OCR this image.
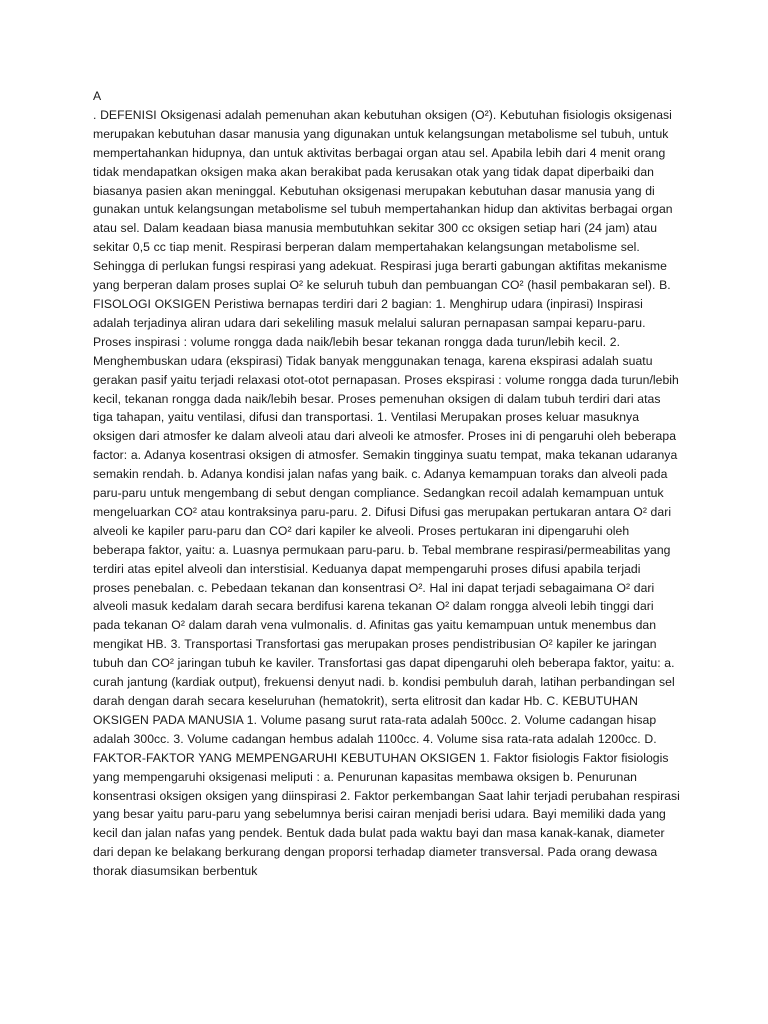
A
. DEFENISI Oksigenasi adalah pemenuhan akan kebutuhan oksigen (O²). Kebutuhan fisiologis oksigenasi merupakan kebutuhan dasar manusia yang digunakan untuk kelangsungan metabolisme sel tubuh, untuk mempertahankan hidupnya, dan untuk aktivitas berbagai organ atau sel. Apabila lebih dari 4 menit orang tidak mendapatkan oksigen maka akan berakibat pada kerusakan otak yang tidak dapat diperbaiki dan biasanya pasien akan meninggal. Kebutuhan oksigenasi merupakan kebutuhan dasar manusia yang di gunakan untuk kelangsungan metabolisme sel tubuh mempertahankan hidup dan aktivitas berbagai organ atau sel. Dalam keadaan biasa manusia membutuhkan sekitar 300 cc oksigen setiap hari (24 jam) atau sekitar 0,5 cc tiap menit. Respirasi berperan dalam mempertahakan kelangsungan metabolisme sel. Sehingga di perlukan fungsi respirasi yang adekuat. Respirasi juga berarti gabungan aktifitas mekanisme yang berperan dalam proses suplai O² ke seluruh tubuh dan pembuangan CO² (hasil pembakaran sel). B. FISOLOGI OKSIGEN Peristiwa bernapas terdiri dari 2 bagian: 1. Menghirup udara (inpirasi) Inspirasi adalah terjadinya aliran udara dari sekeliling masuk melalui saluran pernapasan sampai keparu-paru. Proses inspirasi : volume rongga dada naik/lebih besar tekanan rongga dada turun/lebih kecil. 2. Menghembuskan udara (ekspirasi) Tidak banyak menggunakan tenaga, karena ekspirasi adalah suatu gerakan pasif yaitu terjadi relaxasi otot-otot pernapasan. Proses ekspirasi : volume rongga dada turun/lebih kecil, tekanan rongga dada naik/lebih besar. Proses pemenuhan oksigen di dalam tubuh terdiri dari atas tiga tahapan, yaitu ventilasi, difusi dan transportasi. 1. Ventilasi Merupakan proses keluar masuknya oksigen dari atmosfer ke dalam alveoli atau dari alveoli ke atmosfer. Proses ini di pengaruhi oleh beberapa factor: a. Adanya kosentrasi oksigen di atmosfer. Semakin tingginya suatu tempat, maka tekanan udaranya semakin rendah. b. Adanya kondisi jalan nafas yang baik. c. Adanya kemampuan toraks dan alveoli pada paru-paru untuk mengembang di sebut dengan compliance. Sedangkan recoil adalah kemampuan untuk mengeluarkan CO² atau kontraksinya paru-paru. 2. Difusi Difusi gas merupakan pertukaran antara O² dari alveoli ke kapiler paru-paru dan CO² dari kapiler ke alveoli. Proses pertukaran ini dipengaruhi oleh beberapa faktor, yaitu: a. Luasnya permukaan paru-paru. b. Tebal membrane respirasi/permeabilitas yang terdiri atas epitel alveoli dan interstisial. Keduanya dapat mempengaruhi proses difusi apabila terjadi proses penebalan. c. Pebedaan tekanan dan konsentrasi O². Hal ini dapat terjadi sebagaimana O² dari alveoli masuk kedalam darah secara berdifusi karena tekanan O² dalam rongga alveoli lebih tinggi dari pada tekanan O² dalam darah vena vulmonalis. d. Afinitas gas yaitu kemampuan untuk menembus dan mengikat HB. 3. Transportasi Transfortasi gas merupakan proses pendistribusian O² kapiler ke jaringan tubuh dan CO² jaringan tubuh ke kaviler. Transfortasi gas dapat dipengaruhi oleh beberapa faktor, yaitu: a. curah jantung (kardiak output), frekuensi denyut nadi. b. kondisi pembuluh darah, latihan perbandingan sel darah dengan darah secara keseluruhan (hematokrit), serta elitrosit dan kadar Hb. C. KEBUTUHAN OKSIGEN PADA MANUSIA 1. Volume pasang surut rata-rata adalah 500cc. 2. Volume cadangan hisap adalah 300cc. 3. Volume cadangan hembus adalah 1100cc. 4. Volume sisa rata-rata adalah 1200cc. D. FAKTOR-FAKTOR YANG MEMPENGARUHI KEBUTUHAN OKSIGEN 1. Faktor fisiologis Faktor fisiologis yang mempengaruhi oksigenasi meliputi : a. Penurunan kapasitas membawa oksigen b. Penurunan konsentrasi oksigen oksigen yang diinspirasi 2. Faktor perkembangan Saat lahir terjadi perubahan respirasi yang besar yaitu paru-paru yang sebelumnya berisi cairan menjadi berisi udara. Bayi memiliki dada yang kecil dan jalan nafas yang pendek. Bentuk dada bulat pada waktu bayi dan masa kanak-kanak, diameter dari depan ke belakang berkurang dengan proporsi terhadap diameter transversal. Pada orang dewasa thorak diasumsikan berbentuk
